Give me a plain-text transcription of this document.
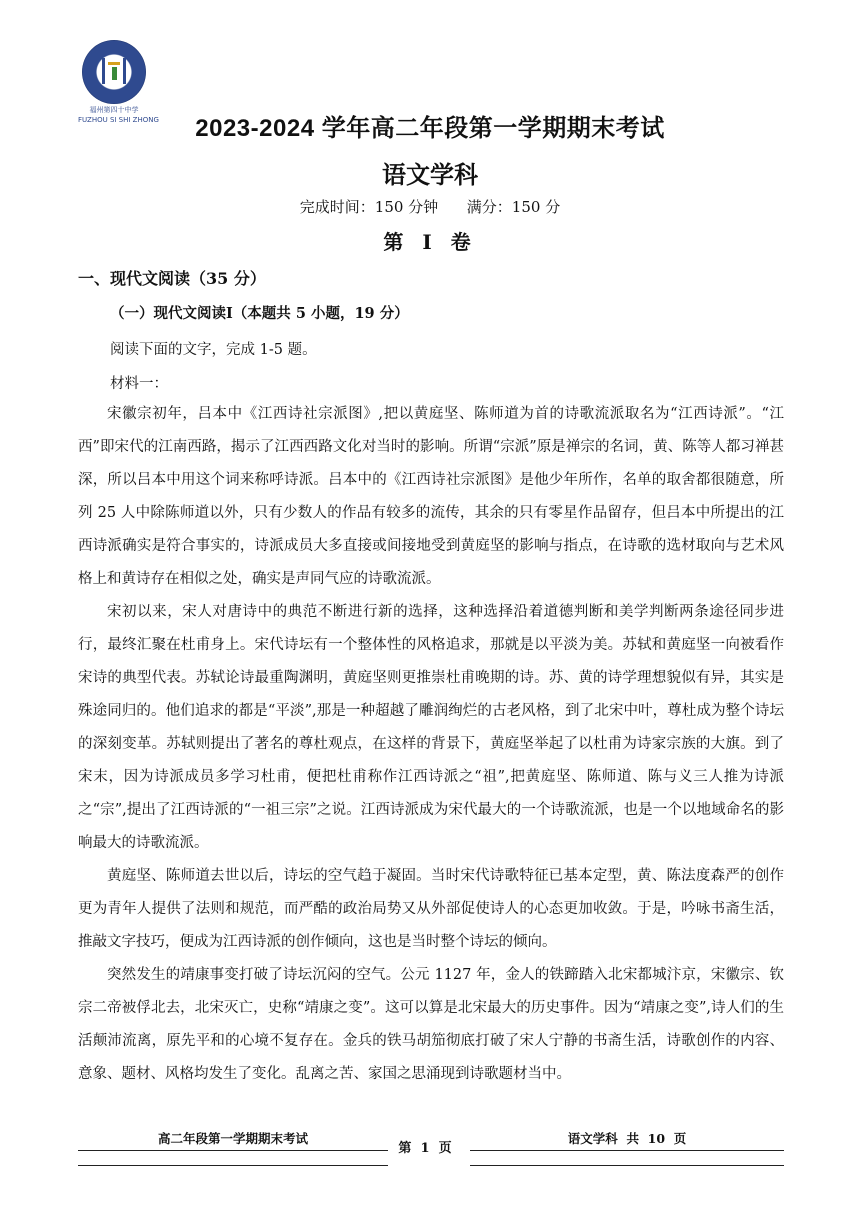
福州第四十中学
FUZHOU SI SHI ZHONG	2023-2024 学年高二年段第一学期期末考试
语文学科
完成时间：150 分钟      满分：150 分
第 I 卷
一、现代文阅读（35 分）
（一）现代文阅读Ⅰ（本题共 5 小题，19 分）
阅读下面的文字，完成 1-5 题。
材料一：

宋徽宗初年，吕本中《江西诗社宗派图》,把以黄庭坚、陈师道为首的诗歌流派取名为“江西诗派”。“江西”即宋代的江南西路，揭示了江西西路文化对当时的影响。所谓“宗派”原是禅宗的名词，黄、陈等人都习禅甚深，所以吕本中用这个词来称呼诗派。吕本中的《江西诗社宗派图》是他少年所作，名单的取舍都很随意，所列 25 人中除陈师道以外，只有少数人的作品有较多的流传，其余的只有零星作品留存，但吕本中所提出的江西诗派确实是符合事实的，诗派成员大多直接或间接地受到黄庭坚的影响与指点，在诗歌的选材取向与艺术风格上和黄诗存在相似之处，确实是声同气应的诗歌流派。

宋初以来，宋人对唐诗中的典范不断进行新的选择，这种选择沿着道德判断和美学判断两条途径同步进行，最终汇聚在杜甫身上。宋代诗坛有一个整体性的风格追求，那就是以平淡为美。苏轼和黄庭坚一向被看作宋诗的典型代表。苏轼论诗最重陶渊明，黄庭坚则更推崇杜甫晚期的诗。苏、黄的诗学理想貌似有异，其实是殊途同归的。他们追求的都是“平淡”,那是一种超越了雕润绚烂的古老风格，到了北宋中叶，尊杜成为整个诗坛的深刻变革。苏轼则提出了著名的尊杜观点，在这样的背景下，黄庭坚举起了以杜甫为诗家宗族的大旗。到了宋末，因为诗派成员多学习杜甫，便把杜甫称作江西诗派之“祖”,把黄庭坚、陈师道、陈与义三人推为诗派之“宗”,提出了江西诗派的“一祖三宗”之说。江西诗派成为宋代最大的一个诗歌流派，也是一个以地域命名的影响最大的诗歌流派。

黄庭坚、陈师道去世以后，诗坛的空气趋于凝固。当时宋代诗歌特征已基本定型，黄、陈法度森严的创作更为青年人提供了法则和规范，而严酷的政治局势又从外部促使诗人的心态更加收敛。于是，吟咏书斋生活，推敲文字技巧，便成为江西诗派的创作倾向，这也是当时整个诗坛的倾向。

突然发生的靖康事变打破了诗坛沉闷的空气。公元 1127 年，金人的铁蹄踏入北宋都城汴京，宋徽宗、钦宗二帝被俘北去，北宋灭亡，史称“靖康之变”。这可以算是北宋最大的历史事件。因为“靖康之变”,诗人们的生活颠沛流离，原先平和的心境不复存在。金兵的铁马胡笳彻底打破了宋人宁静的书斋生活，诗歌创作的内容、意象、题材、风格均发生了变化。乱离之苦、家国之思涌现到诗歌题材当中。

高二年段第一学期期末考试
第  1  页
语文学科  共  10  页
